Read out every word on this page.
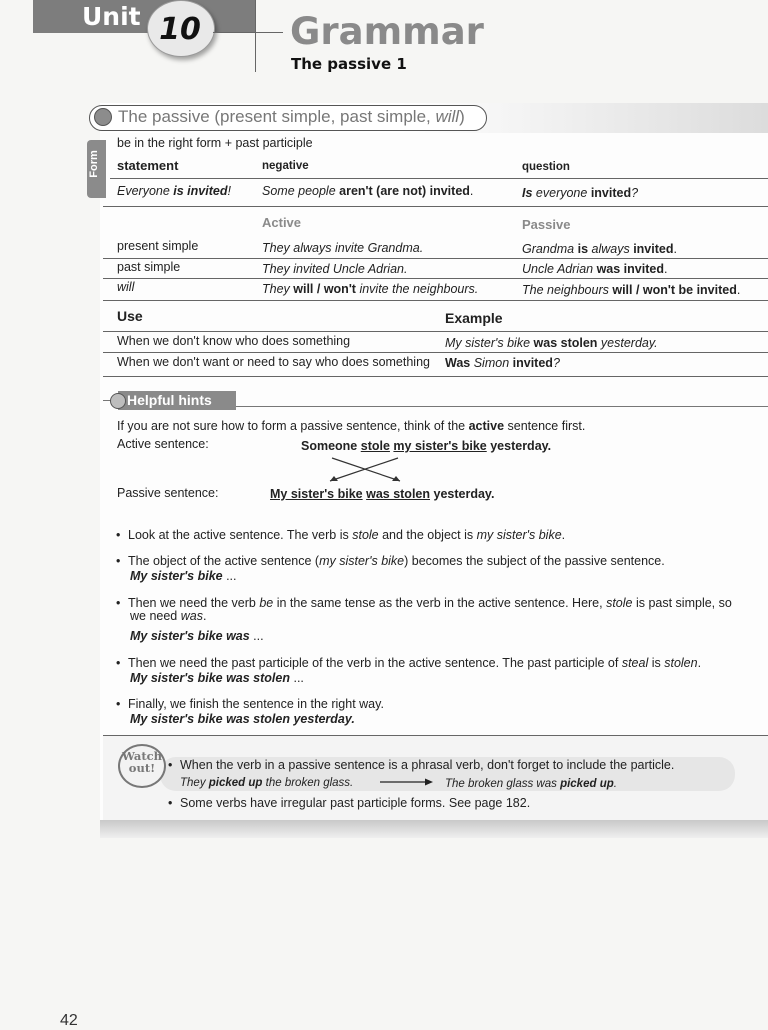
Unit 10	Grammar
The passive 1
The passive (present simple, past simple, will)
Form
be in the right form + past participle
statement	negative	question
Everyone is invited! Some people aren't (are not) invited.	Is everyone invited?
Active	Passive
present simple	They always invite Grandma.	Grandma is always invited.
past simple	They invited Uncle Adrian.	Uncle Adrian was invited.
will	They will / won't invite the neighbours.	The neighbours will / won't be invited.
Use	Example
When we don't know who does something	My sister's bike was stolen yesterday.
When we don't want or need to say who does something Was Simon invited?
Helpful hints
If you are not sure how to form a passive sentence, think of the active sentence first.
Active sentence:	Someone stole my sister's bike yesterday.
Passive sentence:	My sister's bike was stolen yesterday.
• Look at the active sentence. The verb is stole and the object is my sister's bike.
• The object of the active sentence (my sister's bike) becomes the subject of the passive sentence.
My sister's bike ...
• Then we need the verb be in the same tense as the verb in the active sentence. Here, stole is past simple, so
we need was.
My sister's bike was ...
• Then we need the past participle of the verb in the active sentence. The past participle of steal is stolen.
My sister's bike was stolen ...
• Finally, we finish the sentence in the right way.
My sister's bike was stolen yesterday.
Watch out!
•	When the verb in a passive sentence is a phrasal verb, don't forget to include the particle.
They picked up the broken glass.	The broken glass was picked up.
• Some verbs have irregular past participle forms. See page 182.
42
